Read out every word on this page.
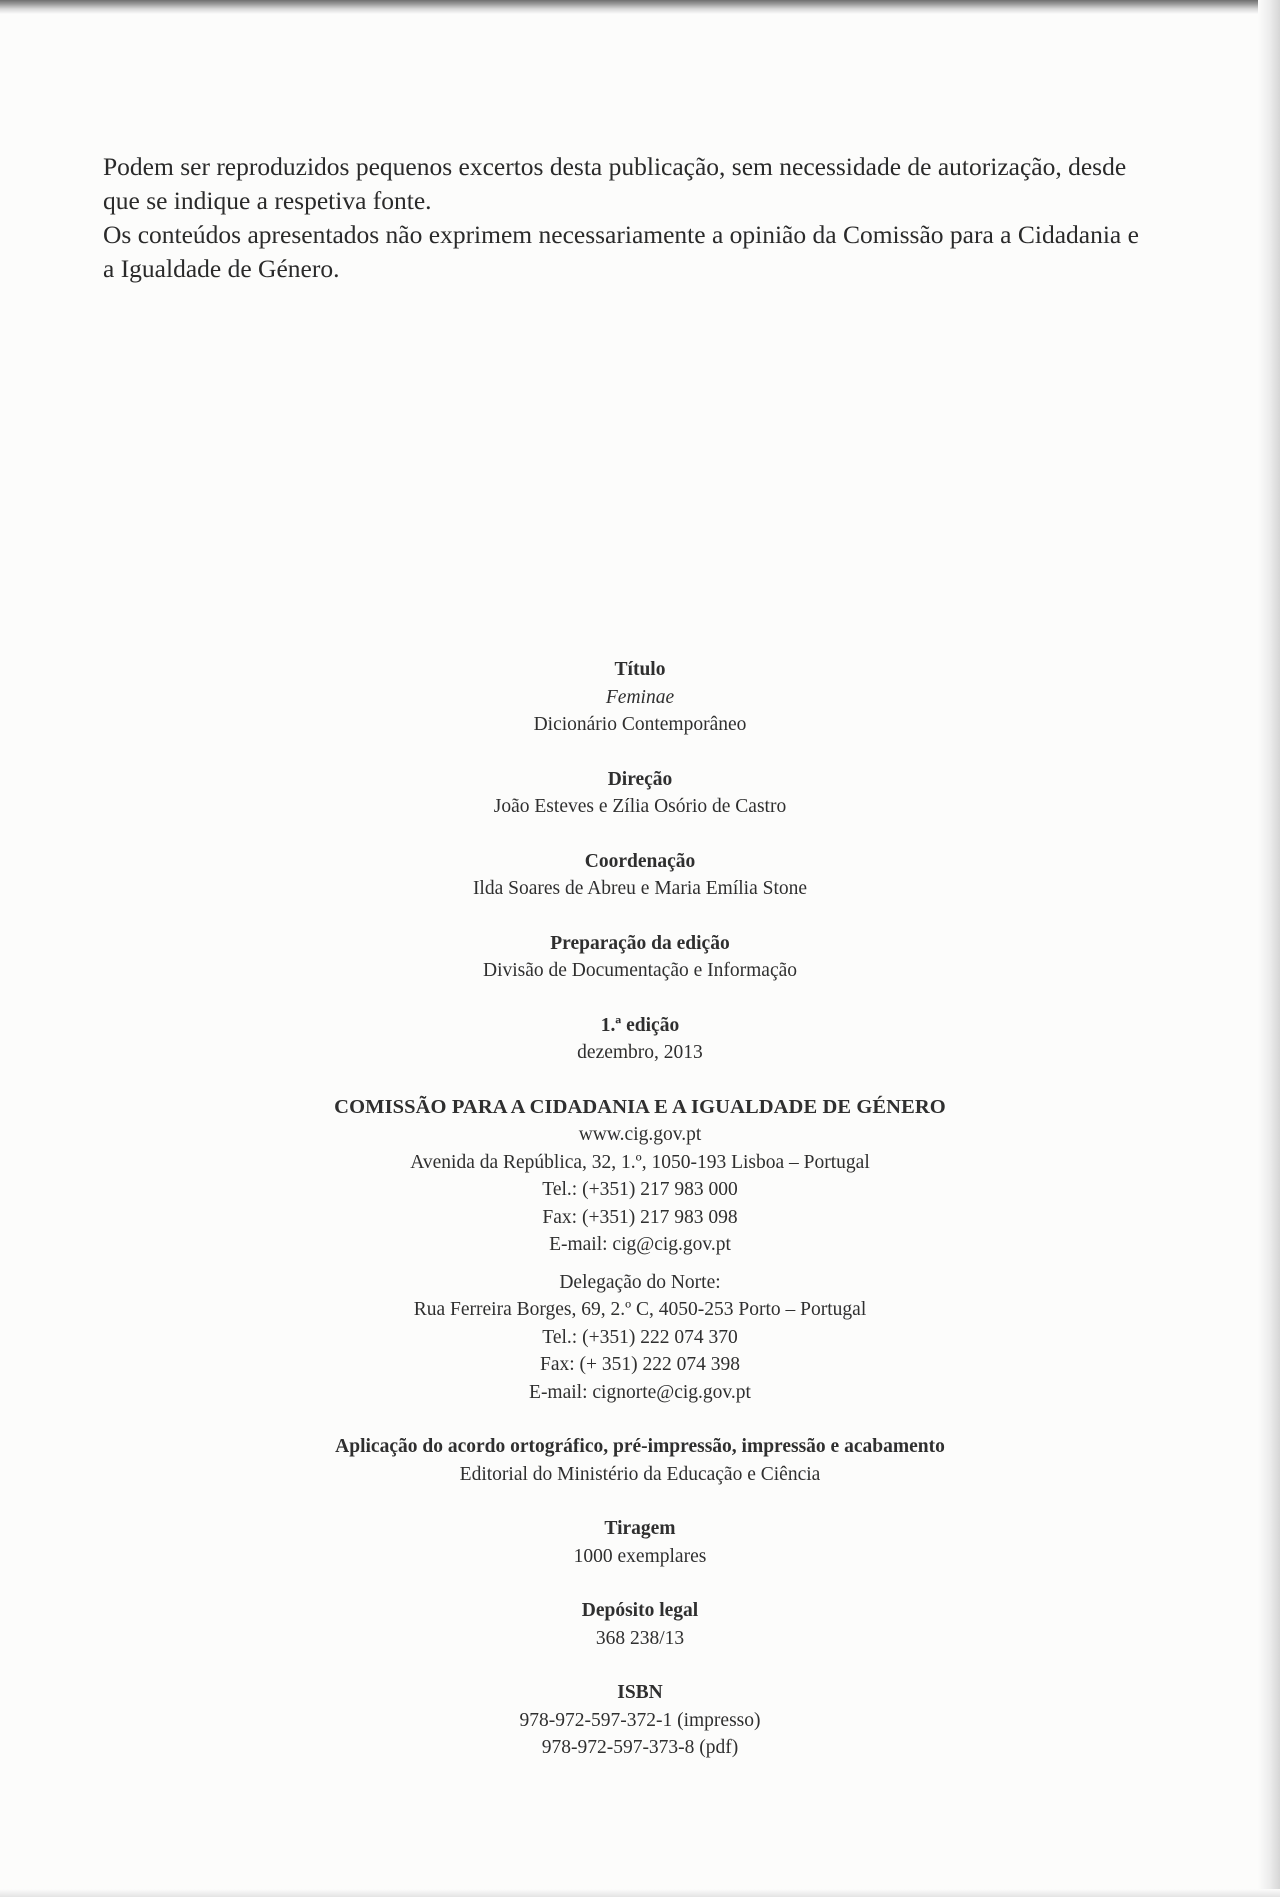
Podem ser reproduzidos pequenos excertos desta publicação, sem necessidade de autorização, desde que se indique a respetiva fonte.

Os conteúdos apresentados não exprimem necessariamente a opinião da Comissão para a Cidadania e a Igualdade de Género.

Título
Feminae
Dicionário Contemporâneo
Direção
João Esteves e Zília Osório de Castro
Coordenação
Ilda Soares de Abreu e Maria Emília Stone
Preparação da edição
Divisão de Documentação e Informação
1.ª edição
dezembro, 2013
COMISSÃO PARA A CIDADANIA E A IGUALDADE DE GÉNERO
www.cig.gov.pt
Avenida da República, 32, 1.º, 1050-193 Lisboa – Portugal
Tel.: (+351) 217 983 000
Fax: (+351) 217 983 098
E-mail: cig@cig.gov.pt
Delegação do Norte:
Rua Ferreira Borges, 69, 2.º C, 4050-253 Porto – Portugal
Tel.: (+351) 222 074 370
Fax: (+ 351) 222 074 398
E-mail: cignorte@cig.gov.pt
Aplicação do acordo ortográfico, pré-impressão, impressão e acabamento
Editorial do Ministério da Educação e Ciência
Tiragem
1000 exemplares
Depósito legal
368 238/13
ISBN
978-972-597-372-1 (impresso)
978-972-597-373-8 (pdf)
